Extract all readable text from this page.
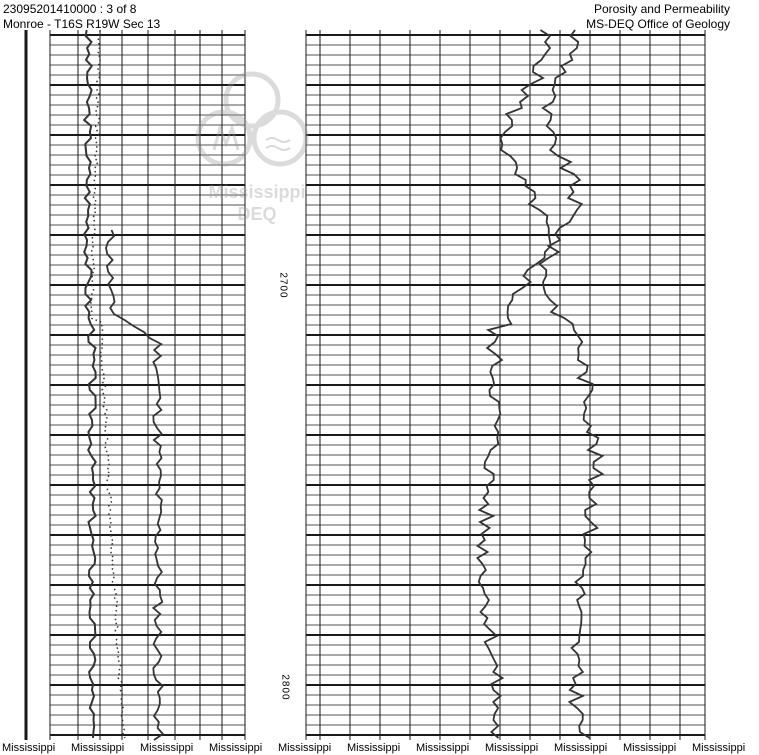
23095201410000 : 3 of 8
Monroe - T16S R19W Sec 13
Porosity and Permeability
MS-DEQ Office of Geology
Mississippi
DEQ
2700
2800
Mississippi	Mississippi	Mississippi	Mississippi	Mississippi	Mississippi	Mississippi	Mississippi	Mississippi	Mississippi	Mississippi
